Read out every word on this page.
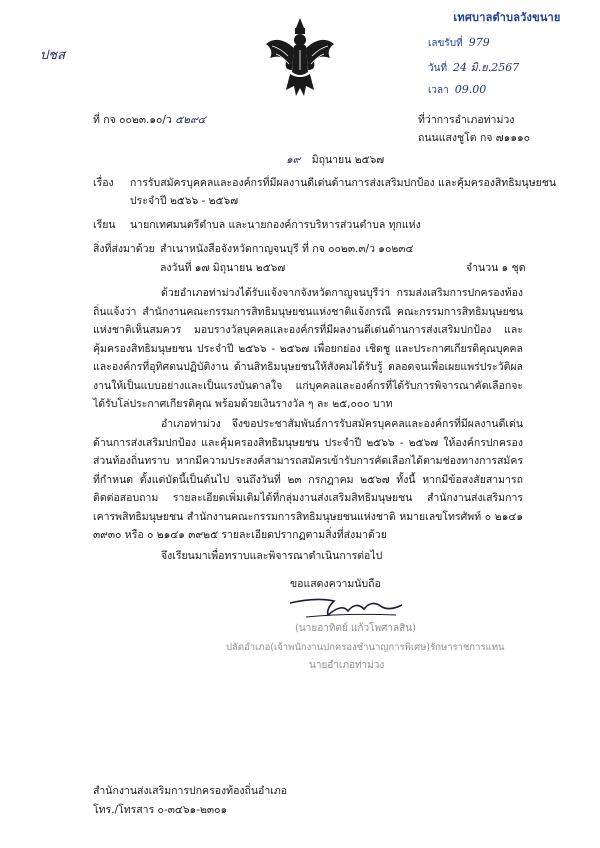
ปชส
เทศบาลตำบลวังขนาย
เลขรับที่ 979
วันที่ 24 มิ.ย.2567
เวลา 09.00
ที่ กจ ๐๐๒๓.๑๐/ว ๕๒๙๔	ที่ว่าการอำเภอท่าม่วง
ถนนแสงชูโต กจ ๗๑๑๑๐
๑๙ มิถุนายน ๒๕๖๗
เรื่อง การรับสมัครบุคคลและองค์กรที่มีผลงานดีเด่นด้านการส่งเสริมปกป้อง และคุ้มครองสิทธิมนุษยชน
ประจำปี ๒๕๖๖ - ๒๕๖๗
เรียน นายกเทศมนตรีตำบล และนายกองค์การบริหารส่วนตำบล ทุกแห่ง
สิ่งที่ส่งมาด้วย สำเนาหนังสือจังหวัดกาญจนบุรี ที่ กจ ๐๐๒๓.๓/ว ๑๐๒๓๔
ลงวันที่ ๑๗ มิถุนายน ๒๕๖๗	จำนวน ๑ ชุด
ด้วยอำเภอท่าม่วงได้รับแจ้งจากจังหวัดกาญจนบุรีว่า กรมส่งเสริมการปกครองท้องถิ่นแจ้งว่า สำนักงานคณะกรรมการสิทธิมนุษยชนแห่งชาติแจ้งกรณี คณะกรรมการสิทธิมนุษยชนแห่งชาติเห็นสมควร มอบรางวัลบุคคลและองค์กรที่มีผลงานดีเด่นด้านการส่งเสริมปกป้อง และคุ้มครองสิทธิมนุษยชน ประจำปี ๒๕๖๖ - ๒๕๖๗ เพื่อยกย่อง เชิดชู และประกาศเกียรติคุณบุคคลและองค์กรที่อุทิศตนปฏิบัติงาน ด้านสิทธิมนุษยชนให้สังคมได้รับรู้ ตลอดจนเพื่อเผยแพร่ประวัติผลงานให้เป็นแบบอย่างและเป็นแรงบันดาลใจ แก่บุคคลและองค์กรที่ได้รับการพิจารณาคัดเลือกจะได้รับโล่ประกาศเกียรติคุณ พร้อมด้วยเงินรางวัล ๆ ละ ๒๕,๐๐๐ บาท
อำเภอท่าม่วง จึงขอประชาสัมพันธ์การรับสมัครบุคคลและองค์กรที่มีผลงานดีเด่น ด้านการส่งเสริมปกป้อง และคุ้มครองสิทธิมนุษยชน ประจำปี ๒๕๖๖ - ๒๕๖๗ ให้องค์กรปกครอง ส่วนท้องถิ่นทราบ หากมีความประสงค์สามารถสมัครเข้ารับการคัดเลือกได้ตามช่องทางการสมัครที่กำหนด ตั้งแต่บัดนี้เป็นต้นไป จนถึงวันที่ ๒๓ กรกฎาคม ๒๕๖๗ ทั้งนี้ หากมีข้อสงสัยสามารถติดต่อสอบถาม รายละเอียดเพิ่มเติมได้ที่กลุ่มงานส่งเสริมสิทธิมนุษยชน สำนักงานส่งเสริมการเคารพสิทธิมนุษยชน สำนักงานคณะกรรมการสิทธิมนุษยชนแห่งชาติ หมายเลขโทรศัพท์ ๐ ๒๑๔๑ ๓๙๓๐ หรือ ๐ ๒๑๔๑ ๓๙๒๕ รายละเอียดปรากฏตามสิ่งที่ส่งมาด้วย
จึงเรียนมาเพื่อทราบและพิจารณาดำเนินการต่อไป
ขอแสดงความนับถือ
(นายอาทิตย์ แก้วโพศาลสิน)
ปลัดอำเภอ(เจ้าพนักงานปกครองชำนาญการพิเศษ)รักษาราชการแทน
นายอำเภอท่าม่วง
สำนักงานส่งเสริมการปกครองท้องถิ่นอำเภอ
โทร./โทรสาร ๐-๓๔๖๑-๒๓๐๑
